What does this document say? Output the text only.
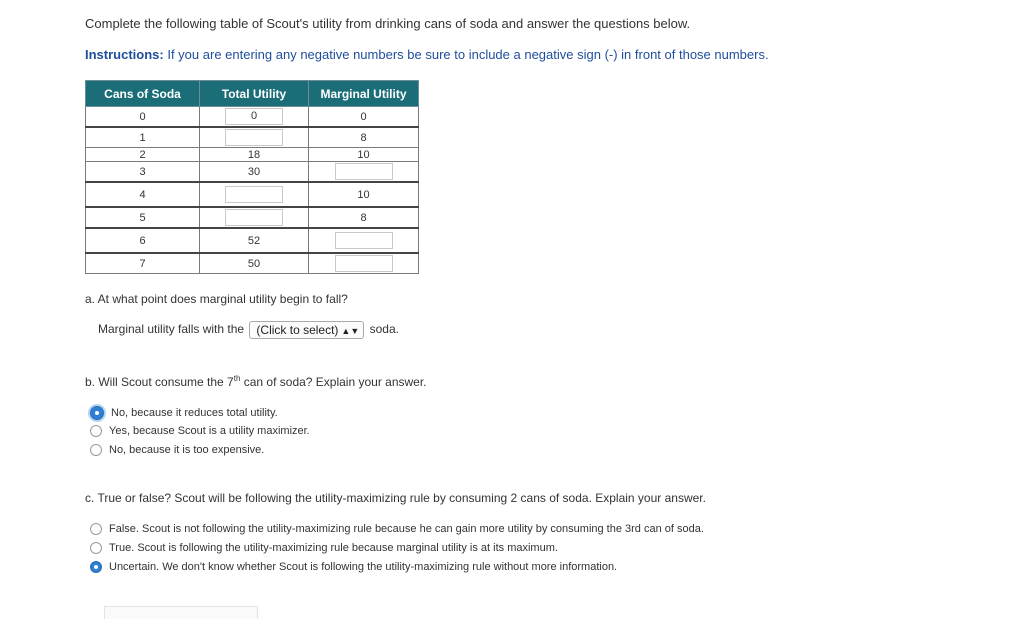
Complete the following table of Scout's utility from drinking cans of soda and answer the questions below.
Instructions: If you are entering any negative numbers be sure to include a negative sign (-) in front of those numbers.
Cans of Soda	Total Utility	Marginal Utility
0	0	0
1		8
2	18	10
3	30	
4		10
5		8
6	52	
7	50	
a. At what point does marginal utility begin to fall?
Marginal utility falls with the (Click to select) ▲︎▼︎ soda.
b. Will Scout consume the 7th can of soda? Explain your answer.
No, because it reduces total utility.
Yes, because Scout is a utility maximizer.
No, because it is too expensive.
c. True or false? Scout will be following the utility-maximizing rule by consuming 2 cans of soda. Explain your answer.
False. Scout is not following the utility-maximizing rule because he can gain more utility by consuming the 3rd can of soda.
True. Scout is following the utility-maximizing rule because marginal utility is at its maximum.
Uncertain. We don't know whether Scout is following the utility-maximizing rule without more information.
